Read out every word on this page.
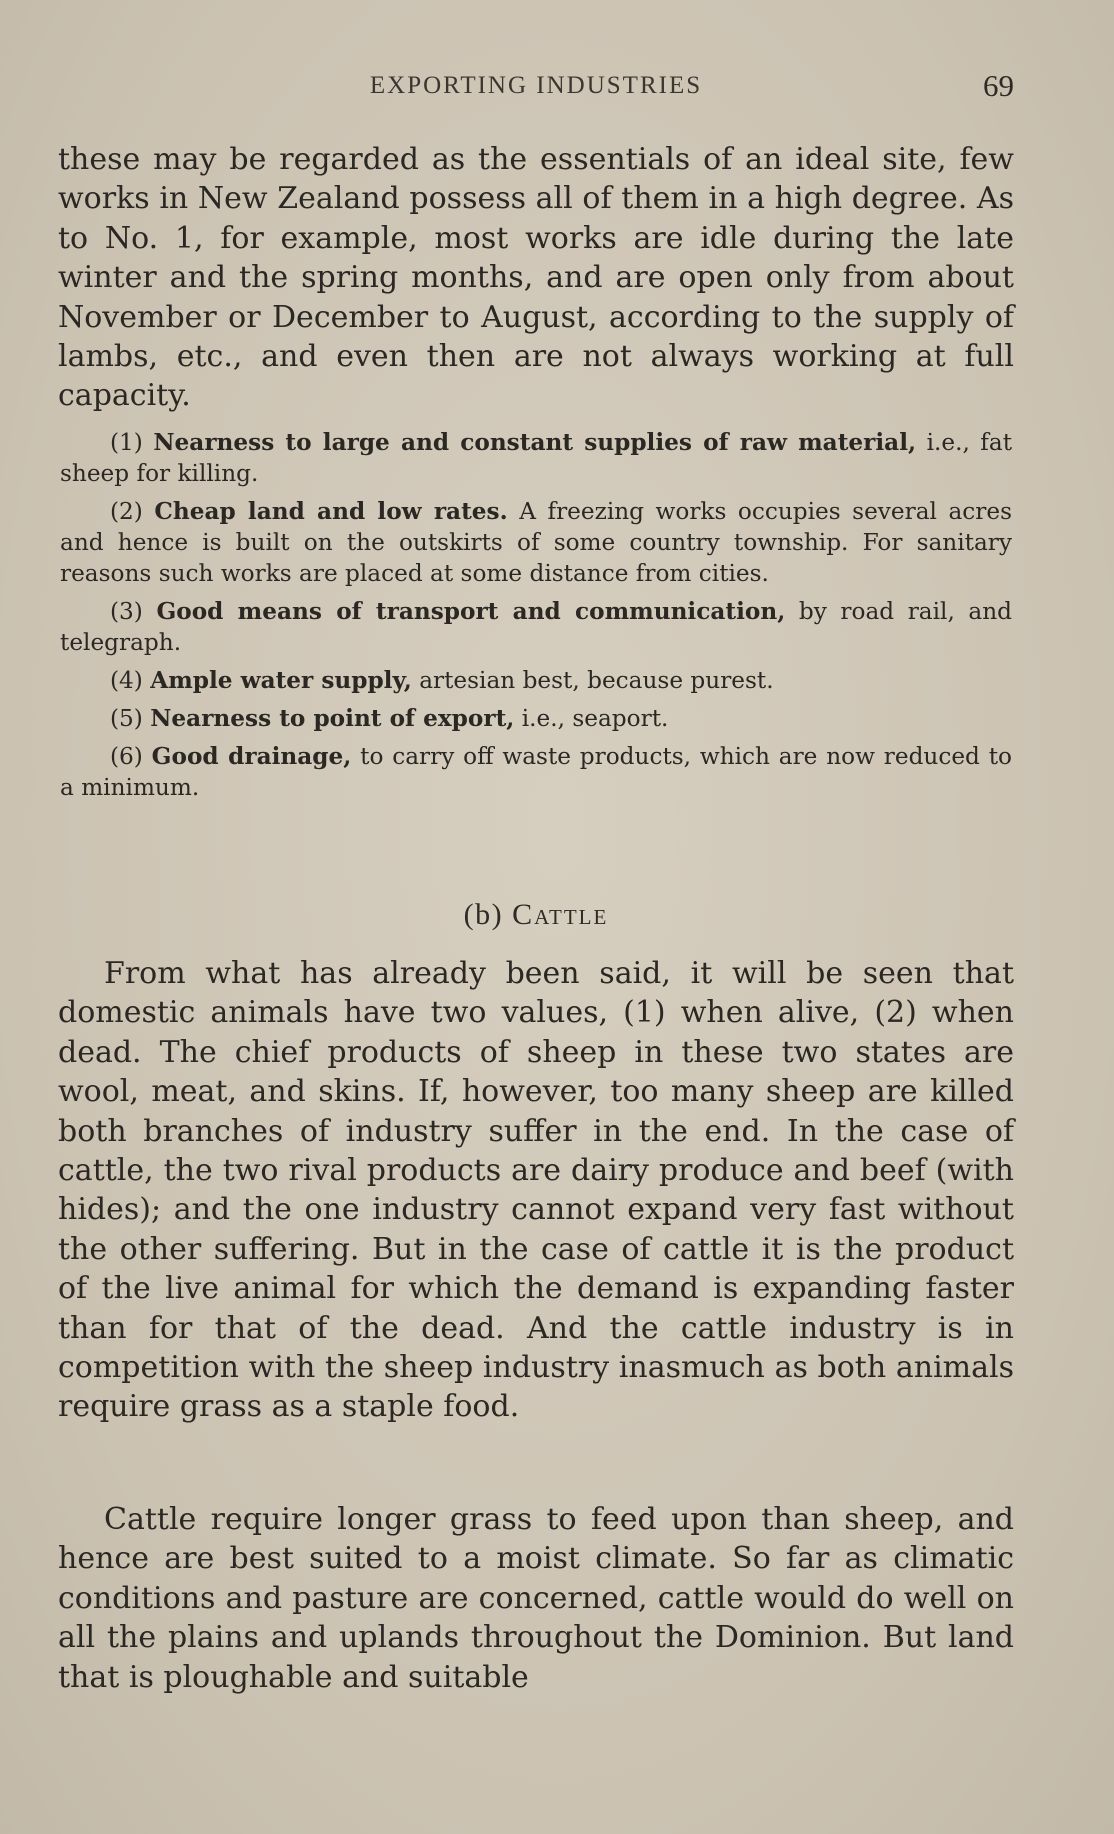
EXPORTING INDUSTRIES	69

these may be regarded as the essentials of an ideal site, few works in New Zealand possess all of them in a high degree. As to No. 1, for example, most works are idle during the late winter and the spring months, and are open only from about November or December to August, according to the supply of lambs, etc., and even then are not always working at full capacity.

(1) Nearness to large and constant supplies of raw material, i.e., fat sheep for killing.

(2) Cheap land and low rates. A freezing works occupies several acres and hence is built on the outskirts of some country township. For sanitary reasons such works are placed at some distance from cities.

(3) Good means of transport and communication, by road rail, and telegraph.

(4) Ample water supply, artesian best, because purest.

(5) Nearness to point of export, i.e., seaport.

(6) Good drainage, to carry off waste products, which are now reduced to a minimum.

(b) Cattle

From what has already been said, it will be seen that domestic animals have two values, (1) when alive, (2) when dead. The chief products of sheep in these two states are wool, meat, and skins. If, however, too many sheep are killed both branches of industry suffer in the end. In the case of cattle, the two rival products are dairy produce and beef (with hides); and the one industry cannot expand very fast without the other suffering. But in the case of cattle it is the product of the live animal for which the demand is expanding faster than for that of the dead. And the cattle industry is in competition with the sheep industry inasmuch as both animals require grass as a staple food.

Cattle require longer grass to feed upon than sheep, and hence are best suited to a moist climate. So far as climatic conditions and pasture are concerned, cattle would do well on all the plains and uplands throughout the Dominion. But land that is ploughable and suitable
